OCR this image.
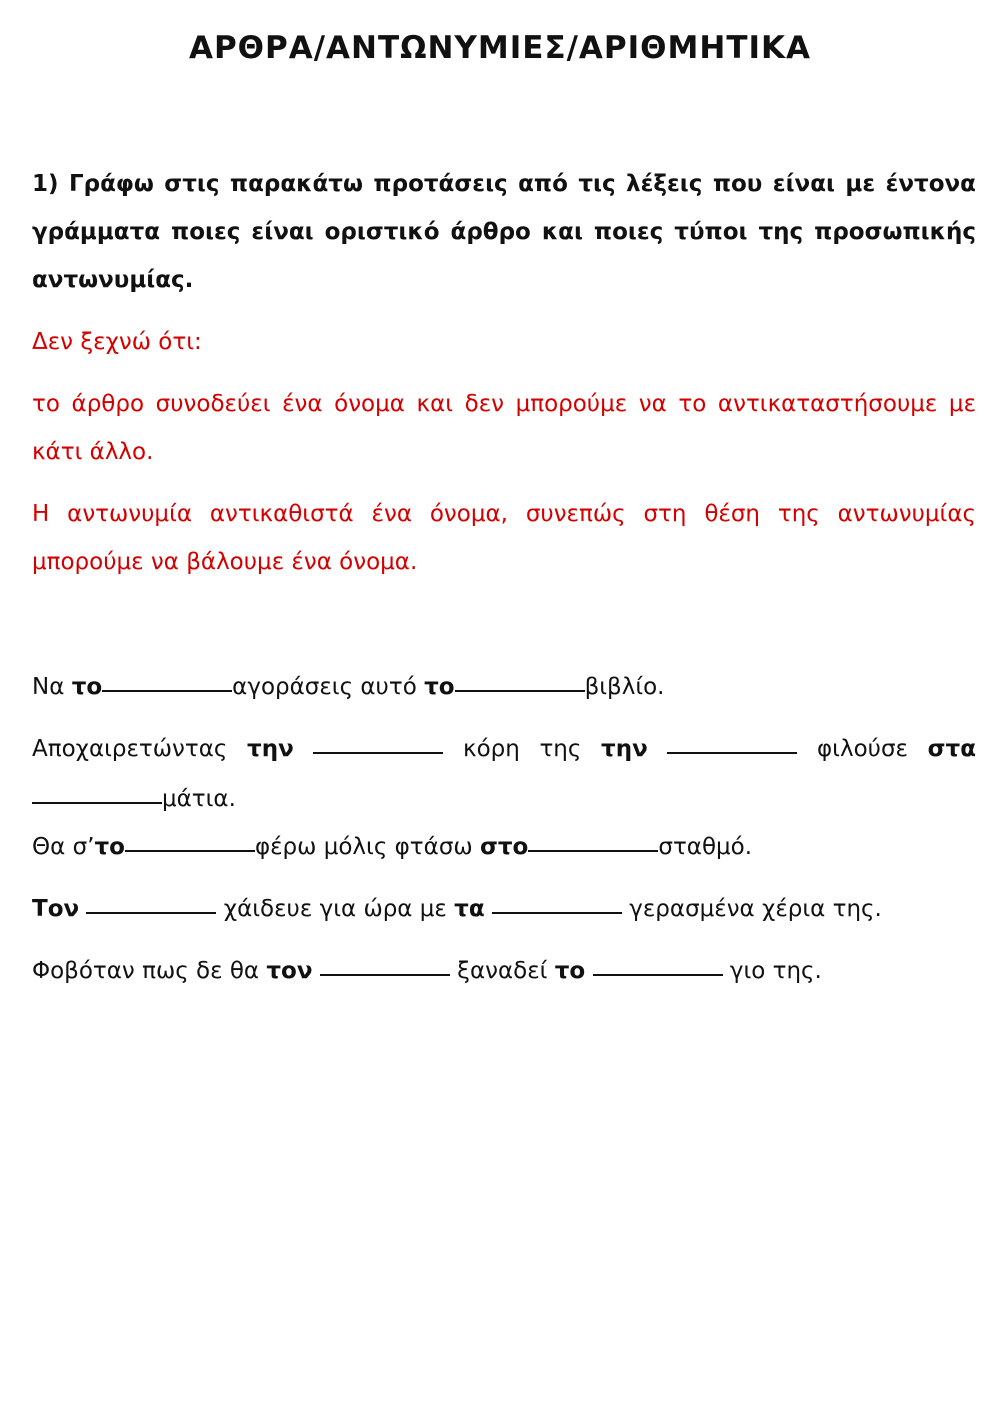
ΑΡΘΡΑ/ΑΝΤΩΝΥΜΙΕΣ/ΑΡΙΘΜΗΤΙΚΑ
1) Γράφω στις παρακάτω προτάσεις από τις λέξεις που είναι με έντονα γράμματα ποιες είναι οριστικό άρθρο και ποιες τύποι της προσωπικής αντωνυμίας.
Δεν ξεχνώ ότι:
το άρθρο συνοδεύει ένα όνομα και δεν μπορούμε να το αντικαταστήσουμε με κάτι άλλο.
Η αντωνυμία αντικαθιστά ένα όνομα, συνεπώς στη θέση της αντωνυμίας μπορούμε να βάλουμε ένα όνομα.
Να το	αγοράσεις αυτό το	βιβλίο.
Αποχαιρετώντας την	κόρη της την	φιλούσε σταμάτια.
Θα σ’το	φέρω μόλις φτάσω στο	σταθμό.
Τον	χάιδευε για ώρα με τα	γερασμένα χέρια της.
Φοβόταν πως δε θα τον	ξαναδεί το	γιο της.
